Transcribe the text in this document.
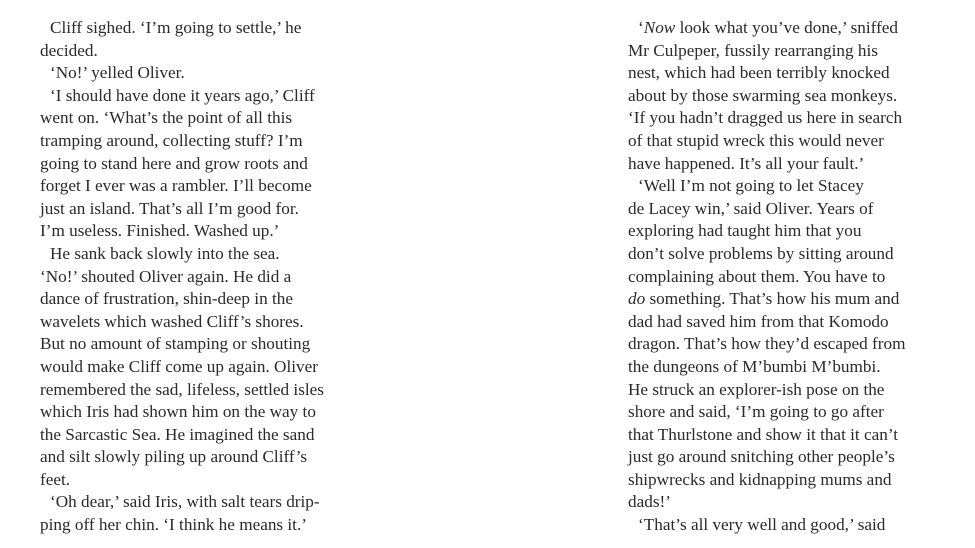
Cliff sighed. ‘I’m going to settle,’ he
decided.
‘No!’ yelled Oliver.
‘I should have done it years ago,’ Cliff
went on. ‘What’s the point of all this
tramping around, collecting stuff? I’m
going to stand here and grow roots and
forget I ever was a rambler. I’ll become
just an island. That’s all I’m good for.
I’m useless. Finished. Washed up.’
He sank back slowly into the sea.
‘No!’ shouted Oliver again. He did a
dance of frustration, shin-deep in the
wavelets which washed Cliff’s shores.
But no amount of stamping or shouting
would make Cliff come up again. Oliver
remembered the sad, lifeless, settled isles
which Iris had shown him on the way to
the Sarcastic Sea. He imagined the sand
and silt slowly piling up around Cliff’s
feet.
‘Oh dear,’ said Iris, with salt tears drip-
ping off her chin. ‘I think he means it.’
‘Now look what you’ve done,’ sniffed
Mr Culpeper, fussily rearranging his
nest, which had been terribly knocked
about by those swarming sea monkeys.
‘If you hadn’t dragged us here in search
of that stupid wreck this would never
have happened. It’s all your fault.’
‘Well I’m not going to let Stacey
de Lacey win,’ said Oliver. Years of
exploring had taught him that you
don’t solve problems by sitting around
complaining about them. You have to
do something. That’s how his mum and
dad had saved him from that Komodo
dragon. That’s how they’d escaped from
the dungeons of M’bumbi M’bumbi.
He struck an explorer-ish pose on the
shore and said, ‘I’m going to go after
that Thurlstone and show it that it can’t
just go around snitching other people’s
shipwrecks and kidnapping mums and
dads!’
‘That’s all very well and good,’ said
